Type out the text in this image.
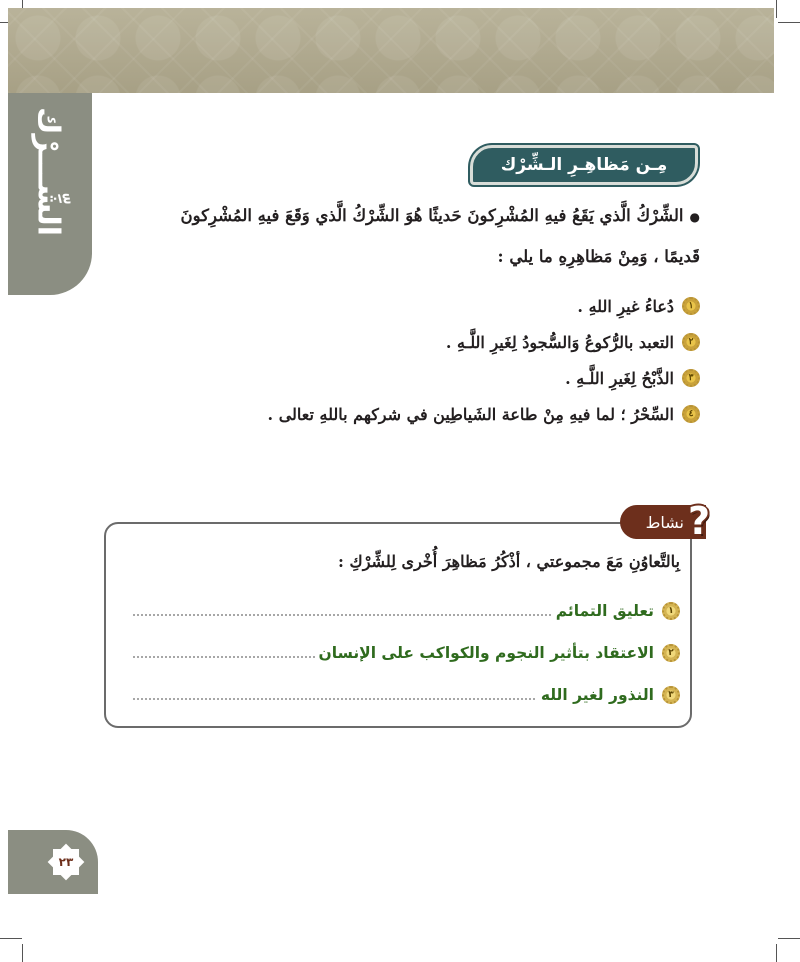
الشِّـــرْك	مِـن مَظاهِـرِ الـشِّرْك
●الشِّرْكُ الَّذي يَقَعُ فيهِ المُشْرِكونَ حَديثًا هُوَ الشِّرْكُ الَّذي وَقَعَ فيهِ المُشْرِكونَ
قَديمًا ، وَمِنْ مَظاهِرِهِ ما يلي :
١
دُعاءُ غيرِ اللهِ .
٢
التعبد بالرُّكوعُ وَالسُّجودُ لِغَيرِ اللَّـهِ .
٣
الذَّبْحُ لِغَيرِ اللَّـهِ .
٤
السِّحْرُ ؛ لما فيهِ مِنْ طاعة الشَياطِين في شركهم باللهِ تعالى .
نشاط ?
بِالتَّعاوُنِ مَعَ مجموعتي ، أذْكُرُ مَظاهِرَ أُخْرى لِلشِّرْكِ :
١
تعليق التمائم
٢
الاعتقاد بتأثير النجوم والكواكب على الإنسان
٣
النذور لغير الله
٢٣
